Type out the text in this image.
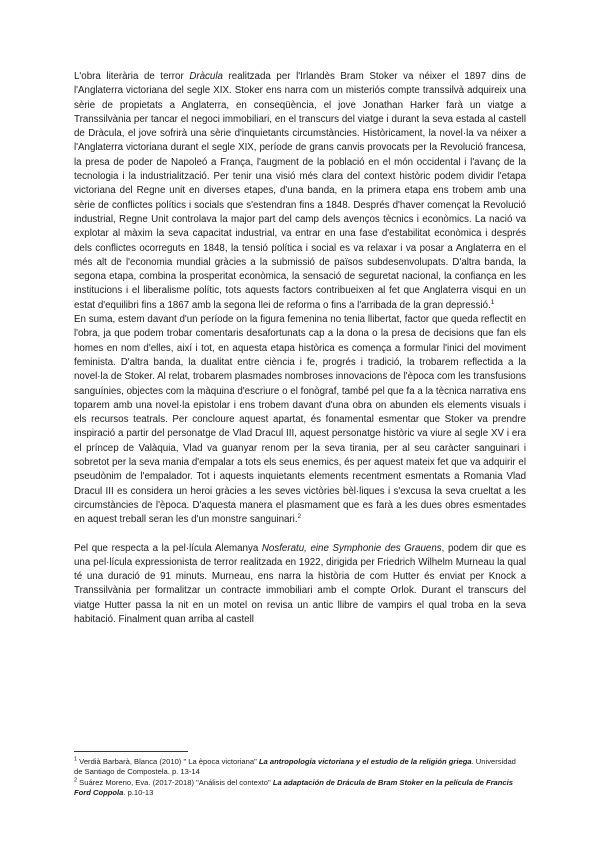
L'obra literària de terror Dràcula realitzada per l'Irlandès Bram Stoker va néixer el 1897 dins de l'Anglaterra victoriana del segle XIX. Stoker ens narra com un misteriós compte transsilvà adquireix una sèrie de propietats a Anglaterra, en conseqüència, el jove Jonathan Harker farà un viatge a Transsilvània per tancar el negoci immobiliari, en el transcurs del viatge i durant la seva estada al castell de Dràcula, el jove sofrirà una sèrie d'inquietants circumstàncies. Històricament, la novel·la va néixer a l'Anglaterra victoriana durant el segle XIX, període de grans canvis provocats per la Revolució francesa, la presa de poder de Napoleó a França, l'augment de la població en el món occidental i l'avanç de la tecnologia i la industrialització. Per tenir una visió més clara del context històric podem dividir l'etapa victoriana del Regne unit en diverses etapes, d'una banda, en la primera etapa ens trobem amb una sèrie de conflictes polítics i socials que s'estendran fins a 1848. Després d'haver començat la Revolució industrial, Regne Unit controlava la major part del camp dels avenços tècnics i econòmics. La nació va explotar al màxim la seva capacitat industrial, va entrar en una fase d'estabilitat econòmica i després dels conflictes ocorreguts en 1848, la tensió política i social es va relaxar i va posar a Anglaterra en el més alt de l'economia mundial gràcies a la submissió de països subdesenvolupats. D'altra banda, la segona etapa, combina la prosperitat econòmica, la sensació de seguretat nacional, la confiança en les institucions i el liberalisme polític, tots aquests factors contribueixen al fet que Anglaterra visqui en un estat d'equilibri fins a 1867 amb la segona llei de reforma o fins a l'arribada de la gran depressió.$^1$

En suma, estem davant d'un període on la figura femenina no tenia llibertat, factor que queda reflectit en l'obra, ja que podem trobar comentaris desafortunats cap a la dona o la presa de decisions que fan els homes en nom d'elles, així i tot, en aquesta etapa històrica es comença a formular l'inici del moviment feminista. D'altra banda, la dualitat entre ciència i fe, progrés i tradició, la trobarem reflectida a la novel·la de Stoker. Al relat, trobarem plasmades nombroses innovacions de l'època com les transfusions sanguínies, objectes com la màquina d'escriure o el fonògraf, també pel que fa a la tècnica narrativa ens toparem amb una novel·la epistolar i ens trobem davant d'una obra on abunden els elements visuals i els recursos teatrals. Per concloure aquest apartat, és fonamental esmentar que Stoker va prendre inspiració a partir del personatge de Vlad Dracul III, aquest personatge històric va viure al segle XV i era el príncep de Valàquia, Vlad va guanyar renom per la seva tirania, per al seu caràcter sanguinari i sobretot per la seva mania d'empalar a tots els seus enemics, és per aquest mateix fet que va adquirir el pseudònim de l'empalador. Tot i aquests inquietants elements recentment esmentats a Romania Vlad Dracul III es considera un heroi gràcies a les seves victòries bèl·liques i s'excusa la seva crueltat a les circumstàncies de l'època. D'aquesta manera el plasmament que es farà a les dues obres esmentades en aquest treball seran les d'un monstre sanguinari.$^2$

Pel que respecta a la pel·lícula Alemanya Nosferatu, eine Symphonie des Grauens, podem dir que es una pel·lícula expressionista de terror realitzada en 1922, dirigida per Friedrich Wilhelm Murneau la qual té una duració de 91 minuts. Murneau, ens narra la història de com Hutter és enviat per Knock a Transsilvània per formalitzar un contracte immobiliari amb el compte Orlok. Durant el transcurs del viatge Hutter passa la nit en un motel on revisa un antic llibre de vampirs el qual troba en la seva habitació. Finalment quan arriba al castell

$^1$ Verdià Barbarà, Blanca (2010) " La època victoriana" La antropología victoriana y el estudio de la religión griega. Universidad de Santiago de Compostela. p. 13-14

$^2$ Suárez Moreno, Eva. (2017-2018) "Análisis del contexto" La adaptación de Drácula de Bram Stoker en la película de Francis Ford Coppola. p.10-13
